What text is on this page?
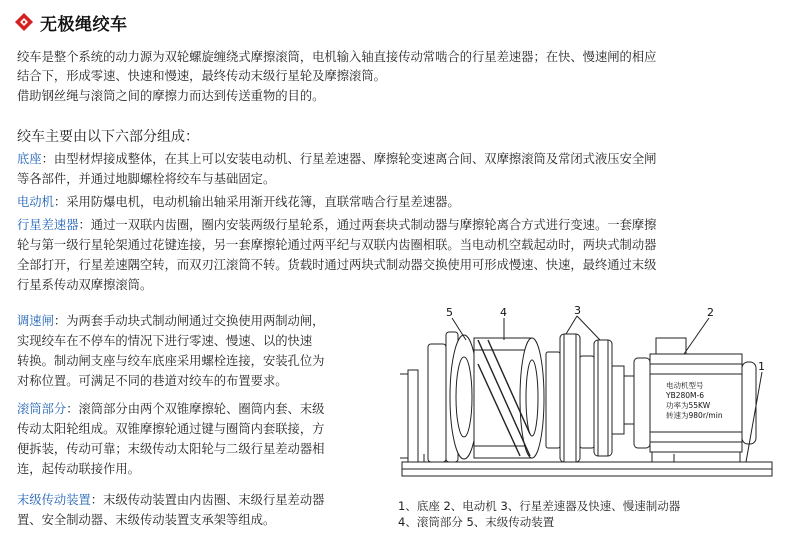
无极绳绞车
绞车是整个系统的动力源为双轮螺旋缠绕式摩擦滚筒，电机输入轴直接传动常啮合的行星差速器；在快、慢速闸的相应
结合下，形成零速、快速和慢速，最终传动末级行星轮及摩擦滚筒。
借助钢丝绳与滚筒之间的摩擦力而达到传送重物的目的。
绞车主要由以下六部分组成：
底座：由型材焊接成整体，在其上可以安装电动机、行星差速器、摩擦轮变速离合间、双摩擦滚筒及常闭式液压安全闸
等各部件，并通过地脚螺栓将绞车与基础固定。
电动机：采用防爆电机，电动机输出轴采用渐开线花簿，直联常啮合行星差速器。
行星差速器：通过一双联内齿圈，圈内安装两级行星轮系，通过两套块式制动器与摩擦轮离合方式进行变速。一套摩擦
轮与第一级行星轮架通过花键连接，另一套摩擦轮通过两平纪与双联内齿圈相联。当电动机空载起动时，两块式制动器
全部打开，行星差速隅空转，而双刃江滚筒不转。货载时通过两块式制动器交换使用可形成慢速、快速，最终通过末级
行星系传动双摩擦滚筒。
调速闸：为两套手动块式制动闸通过交换使用两制动闸，
实现绞车在不停车的情况下进行零速、慢速、以的快速
转换。制动闸支座与绞车底座采用螺栓连接，安装孔位为
对称位置。可满足不同的巷道对绞车的布置要求。
滚筒部分：滚筒部分由两个双锥摩擦轮、圈筒内套、末级
传动太阳轮组成。双锥摩擦轮通过键与圈筒内套联接，方
便拆装，传动可靠；末级传动太阳轮与二级行星差动器相
连，起传动联接作用。
末级传动装置：末级传动装置由内齿圈、末级行星差动器
置、安全制动器、末级传动装置支承架等组成。
5	4	3	2
1
电动机型号
YB280M-6
功率为55KW
转速为980r/min
1、底座 2、电动机 3、行星差速器及快速、慢速制动器
4、滚筒部分 5、末级传动装置
